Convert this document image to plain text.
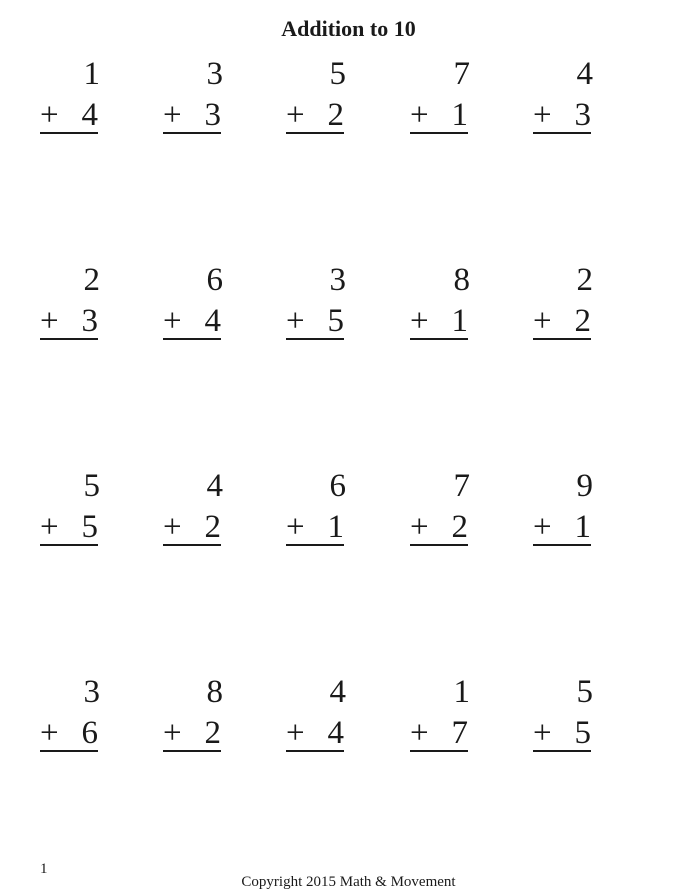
Addition to 10
1
+ 4
3
+ 3
5
+ 2
7
+ 1
4
+ 3
2
+ 3
6
+ 4
3
+ 5
8
+ 1
2
+ 2
5
+ 5
4
+ 2
6
+ 1
7
+ 2
9
+ 1
3
+ 6
8
+ 2
4
+ 4
1
+ 7
5
+ 5
1
Copyright 2015 Math & Movement
